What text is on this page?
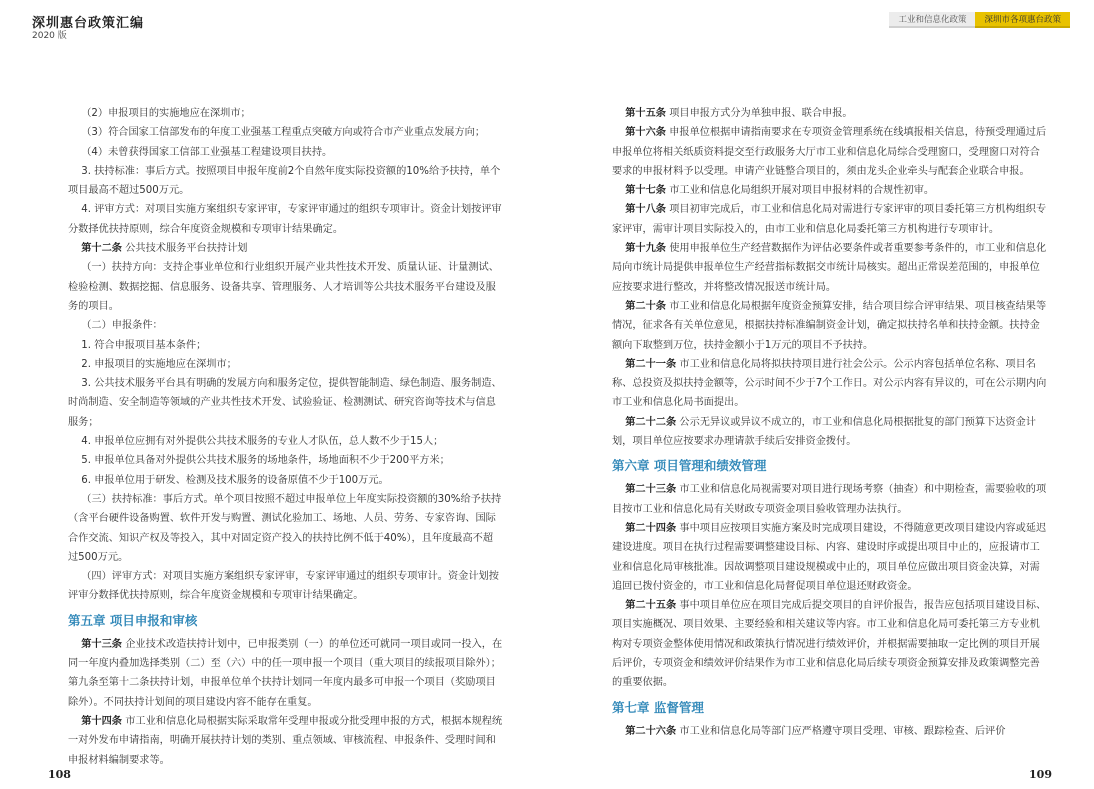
深圳惠台政策汇编
2020 版
工业和信息化政策	深圳市各项惠台政策

（2）申报项目的实施地应在深圳市；

（3）符合国家工信部发布的年度工业强基工程重点突破方向或符合市产业重点发展方向；

（4）未曾获得国家工信部工业强基工程建设项目扶持。

3. 扶持标准：事后方式。按照项目申报年度前2个自然年度实际投资额的10%给予扶持，单个项目最高不超过500万元。

4. 评审方式：对项目实施方案组织专家评审，专家评审通过的组织专项审计。资金计划按评审分数择优扶持原则，综合年度资金规模和专项审计结果确定。

第十二条 公共技术服务平台扶持计划

（一）扶持方向：支持企事业单位和行业组织开展产业共性技术开发、质量认证、计量测试、检验检测、数据挖掘、信息服务、设备共享、管理服务、人才培训等公共技术服务平台建设及服务的项目。

（二）申报条件：

1. 符合申报项目基本条件；

2. 申报项目的实施地应在深圳市；

3. 公共技术服务平台具有明确的发展方向和服务定位，提供智能制造、绿色制造、服务制造、时尚制造、安全制造等领域的产业共性技术开发、试验验证、检测测试、研究咨询等技术与信息服务；

4. 申报单位应拥有对外提供公共技术服务的专业人才队伍，总人数不少于15人；

5. 申报单位具备对外提供公共技术服务的场地条件，场地面积不少于200平方米；

6. 申报单位用于研发、检测及技术服务的设备原值不少于100万元。

（三）扶持标准：事后方式。单个项目按照不超过申报单位上年度实际投资额的30%给予扶持（含平台硬件设备购置、软件开发与购置、测试化验加工、场地、人员、劳务、专家咨询、国际合作交流、知识产权及等投入，其中对固定资产投入的扶持比例不低于40%），且年度最高不超过500万元。

（四）评审方式：对项目实施方案组织专家评审，专家评审通过的组织专项审计。资金计划按评审分数择优扶持原则，综合年度资金规模和专项审计结果确定。

第五章 项目申报和审核

第十三条 企业技术改造扶持计划中，已申报类别（一）的单位还可就同一项目或同一投入，在同一年度内叠加选择类别（二）至（六）中的任一项申报一个项目（重大项目的续报项目除外）；第九条至第十二条扶持计划，申报单位单个扶持计划同一年度内最多可申报一个项目（奖励项目除外）。不同扶持计划间的项目建设内容不能存在重复。

第十四条 市工业和信息化局根据实际采取常年受理申报或分批受理申报的方式，根据本规程统一对外发布申请指南，明确开展扶持计划的类别、重点领域、审核流程、申报条件、受理时间和申报材料编制要求等。

第十五条 项目申报方式分为单独申报、联合申报。

第十六条 申报单位根据申请指南要求在专项资金管理系统在线填报相关信息，待预受理通过后申报单位将相关纸质资料提交至行政服务大厅市工业和信息化局综合受理窗口，受理窗口对符合要求的申报材料予以受理。申请产业链整合项目的，须由龙头企业牵头与配套企业联合申报。

第十七条 市工业和信息化局组织开展对项目申报材料的合规性初审。

第十八条 项目初审完成后，市工业和信息化局对需进行专家评审的项目委托第三方机构组织专家评审，需审计项目实际投入的，由市工业和信息化局委托第三方机构进行专项审计。

第十九条 使用申报单位生产经营数据作为评估必要条件或者重要参考条件的，市工业和信息化局向市统计局提供申报单位生产经营指标数据交市统计局核实。超出正常误差范围的，申报单位应按要求进行整改，并将整改情况报送市统计局。

第二十条 市工业和信息化局根据年度资金预算安排，结合项目综合评审结果、项目核查结果等情况，征求各有关单位意见，根据扶持标准编制资金计划，确定拟扶持名单和扶持金额。扶持金额向下取整到万位，扶持金额小于1万元的项目不予扶持。

第二十一条 市工业和信息化局将拟扶持项目进行社会公示。公示内容包括单位名称、项目名称、总投资及拟扶持金额等，公示时间不少于7个工作日。对公示内容有异议的，可在公示期内向市工业和信息化局书面提出。

第二十二条 公示无异议或异议不成立的，市工业和信息化局根据批复的部门预算下达资金计划，项目单位应按要求办理请款手续后安排资金拨付。

第六章 项目管理和绩效管理

第二十三条 市工业和信息化局视需要对项目进行现场考察（抽查）和中期检查，需要验收的项目按市工业和信息化局有关财政专项资金项目验收管理办法执行。

第二十四条 事中项目应按项目实施方案及时完成项目建设，不得随意更改项目建设内容或延迟建设进度。项目在执行过程需要调整建设目标、内容、建设时序或提出项目中止的，应报请市工业和信息化局审核批准。因故调整项目建设规模或中止的，项目单位应做出项目资金决算，对需追回已拨付资金的，市工业和信息化局督促项目单位退还财政资金。

第二十五条 事中项目单位应在项目完成后提交项目的自评价报告，报告应包括项目建设目标、项目实施概况、项目效果、主要经验和相关建议等内容。市工业和信息化局可委托第三方专业机构对专项资金整体使用情况和政策执行情况进行绩效评价，并根据需要抽取一定比例的项目开展后评价，专项资金和绩效评价结果作为市工业和信息化局后续专项资金预算安排及政策调整完善的重要依据。

第七章 监督管理

第二十六条 市工业和信息化局等部门应严格遵守项目受理、审核、跟踪检查、后评价

108	109
